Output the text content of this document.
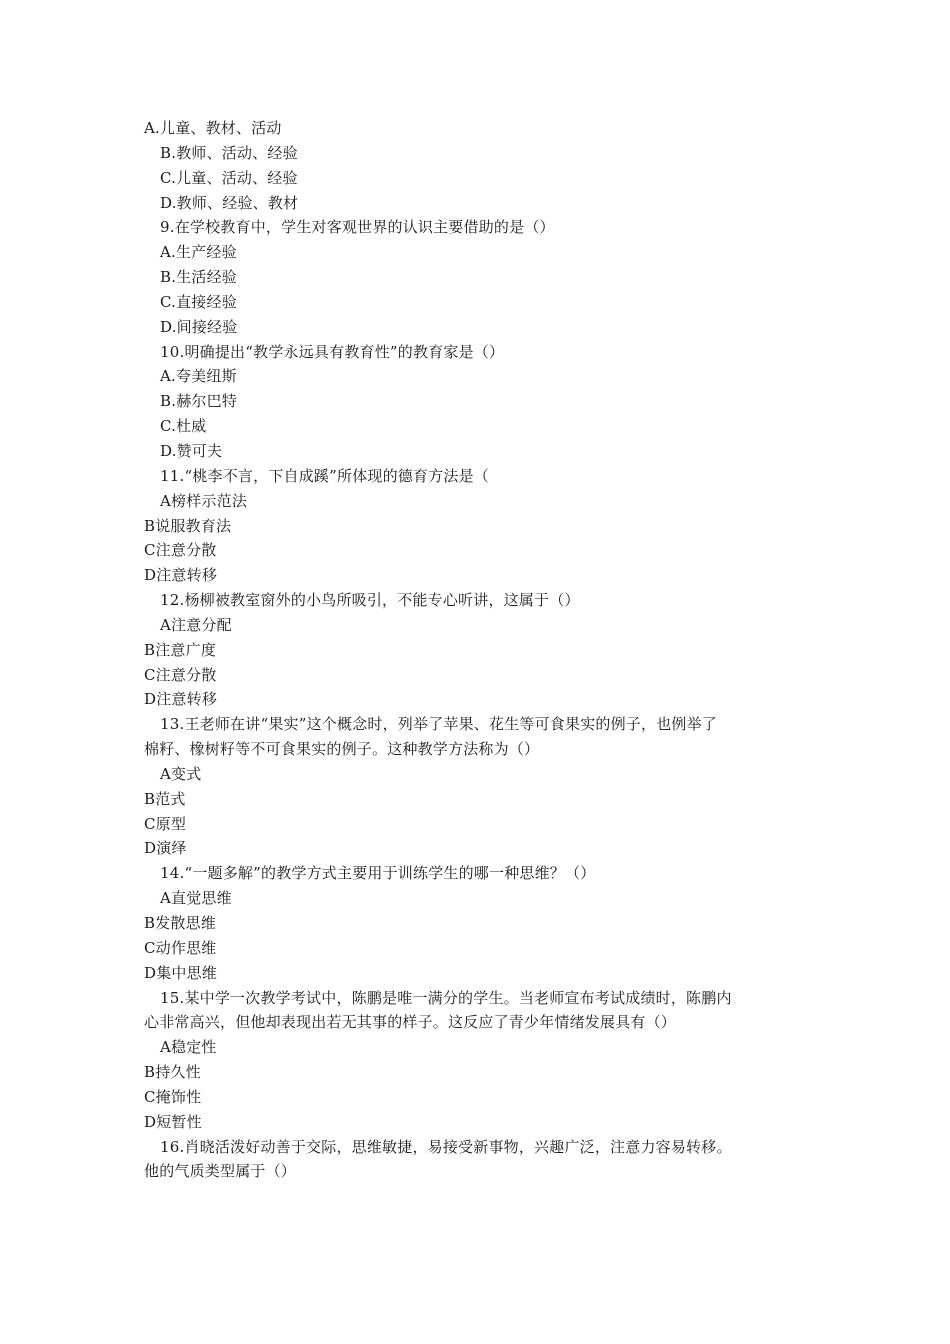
A.儿童、教材、活动
B.教师、活动、经验
C.儿童、活动、经验
D.教师、经验、教材
9.在学校教育中，学生对客观世界的认识主要借助的是（）
A.生产经验
B.生活经验
C.直接经验
D.间接经验
10.明确提出“教学永远具有教育性”的教育家是（）
A.夸美纽斯
B.赫尔巴特
C.杜威
D.赞可夫
11.“桃李不言，下自成蹊”所体现的德育方法是（
A榜样示范法
B说服教育法
C注意分散
D注意转移
12.杨柳被教室窗外的小鸟所吸引，不能专心听讲，这属于（）
A注意分配
B注意广度
C注意分散
D注意转移
13.王老师在讲“果实”这个概念时，列举了苹果、花生等可食果实的例子，也例举了
棉籽、橡树籽等不可食果实的例子。这种教学方法称为（）
A变式
B范式
C原型
D演绎
14.“一题多解”的教学方式主要用于训练学生的哪一种思维？（）
A直觉思维
B发散思维
C动作思维
D集中思维
15.某中学一次教学考试中，陈鹏是唯一满分的学生。当老师宣布考试成绩时，陈鹏内
心非常高兴，但他却表现出若无其事的样子。这反应了青少年情绪发展具有（）
A稳定性
B持久性
C掩饰性
D短暂性
16.肖晓活泼好动善于交际，思维敏捷，易接受新事物，兴趣广泛，注意力容易转移。
他的气质类型属于（）
